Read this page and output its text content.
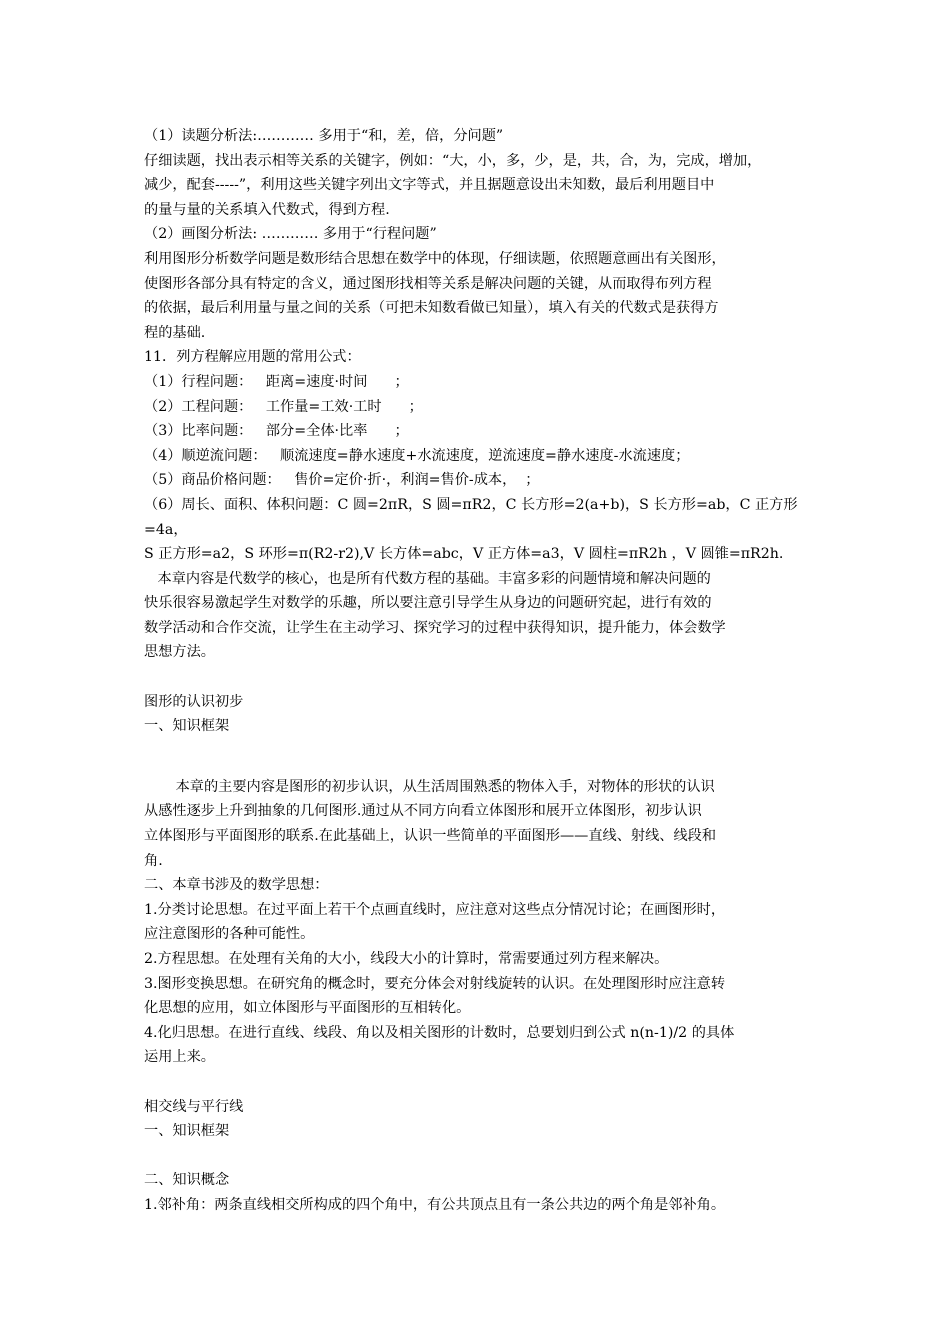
（1）读题分析法:………… 多用于“和，差，倍，分问题”

仔细读题，找出表示相等关系的关键字，例如：“大，小，多，少，是，共，合，为，完成，增加，

减少，配套-----”，利用这些关键字列出文字等式，并且据题意设出未知数，最后利用题目中

的量与量的关系填入代数式，得到方程.

（2）画图分析法: ………… 多用于“行程问题”

利用图形分析数学问题是数形结合思想在数学中的体现，仔细读题，依照题意画出有关图形，

使图形各部分具有特定的含义，通过图形找相等关系是解决问题的关键，从而取得布列方程

的依据，最后利用量与量之间的关系（可把未知数看做已知量），填入有关的代数式是获得方

程的基础.

11．列方程解应用题的常用公式：

（1）行程问题：   距离=速度·时间      ；

（2）工程问题：   工作量=工效·工时      ；

（3）比率问题：   部分=全体·比率      ；

（4）顺逆流问题：   顺流速度=静水速度+水流速度，逆流速度=静水速度-水流速度；

（5）商品价格问题：   售价=定价·折·，利润=售价-成本，  ；

（6）周长、面积、体积问题：C 圆=2πR，S 圆=πR2，C 长方形=2(a+b)，S 长方形=ab，C 正方形

=4a，

S 正方形=a2，S 环形=π(R2-r2),V 长方体=abc，V 正方体=a3，V 圆柱=πR2h ，V 圆锥=πR2h.

本章内容是代数学的核心，也是所有代数方程的基础。丰富多彩的问题情境和解决问题的

快乐很容易激起学生对数学的乐趣，所以要注意引导学生从身边的问题研究起，进行有效的

数学活动和合作交流，让学生在主动学习、探究学习的过程中获得知识，提升能力，体会数学

思想方法。

图形的认识初步

一、知识框架

本章的主要内容是图形的初步认识，从生活周围熟悉的物体入手，对物体的形状的认识

从感性逐步上升到抽象的几何图形.通过从不同方向看立体图形和展开立体图形，初步认识

立体图形与平面图形的联系.在此基础上，认识一些简单的平面图形——直线、射线、线段和

角.

二、本章书涉及的数学思想：

1.分类讨论思想。在过平面上若干个点画直线时，应注意对这些点分情况讨论；在画图形时，

应注意图形的各种可能性。

2.方程思想。在处理有关角的大小，线段大小的计算时，常需要通过列方程来解决。

3.图形变换思想。在研究角的概念时，要充分体会对射线旋转的认识。在处理图形时应注意转

化思想的应用，如立体图形与平面图形的互相转化。

4.化归思想。在进行直线、线段、角以及相关图形的计数时，总要划归到公式 n(n-1)/2 的具体

运用上来。

相交线与平行线

一、知识框架

二、知识概念

1.邻补角：两条直线相交所构成的四个角中，有公共顶点且有一条公共边的两个角是邻补角。
